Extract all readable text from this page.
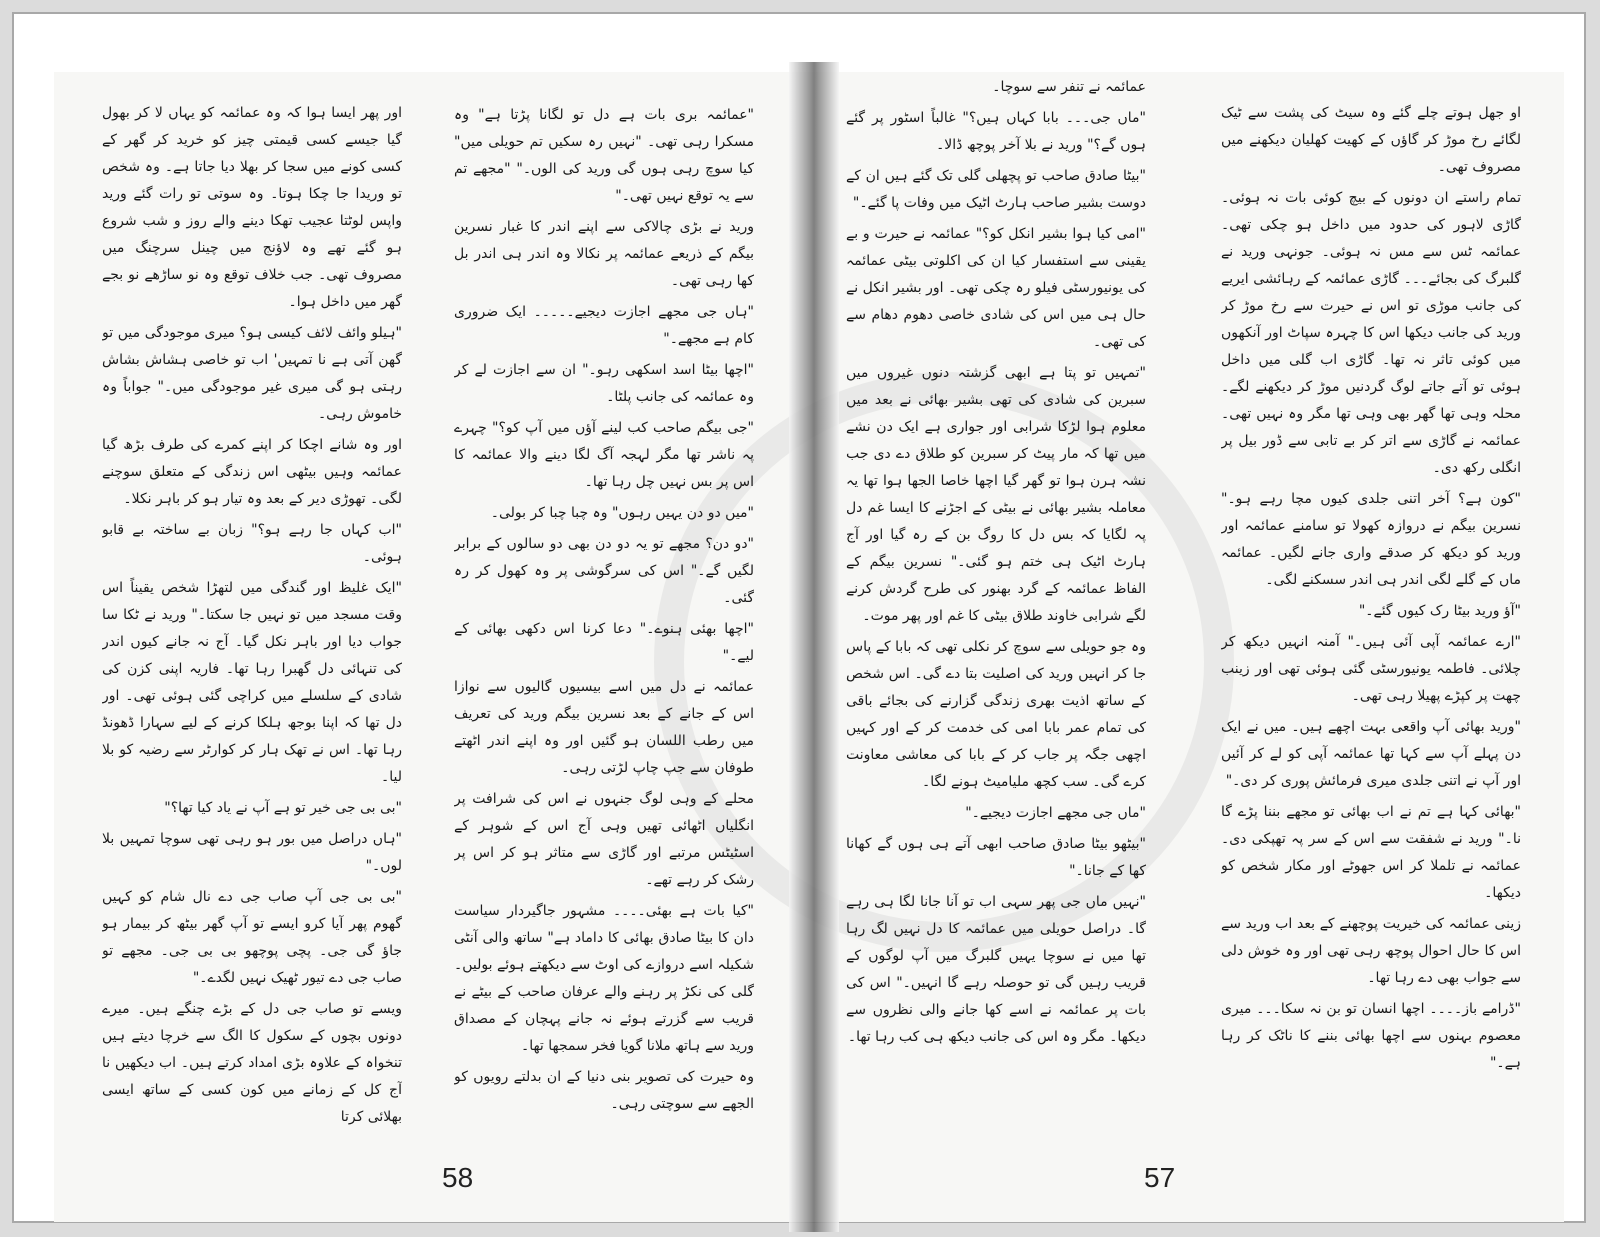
اور پھر ایسا ہوا کہ وہ عمائمہ کو یہاں لا کر بھول گیا جیسے کسی قیمتی چیز کو خرید کر گھر کے کسی کونے میں سجا کر بھلا دیا جاتا ہے۔ وہ شخص تو وریدا جا چکا ہوتا۔ وہ سوتی تو رات گئے ورید واپس لوٹتا عجیب تھکا دینے والے روز و شب شروع ہو گئے تھے وہ لاؤنج میں چینل سرچنگ میں مصروف تھی۔ جب خلاف توقع وہ نو ساڑھے نو بجے گھر میں داخل ہوا۔

"ہیلو وائف لائف کیسی ہو؟ میری موجودگی میں تو گھن آتی ہے نا تمہیں' اب تو خاصی ہشاش بشاش رہتی ہو گی میری غیر موجودگی میں۔" جواباً وہ خاموش رہی۔

اور وہ شانے اچکا کر اپنے کمرے کی طرف بڑھ گیا عمائمہ وہیں بیٹھی اس زندگی کے متعلق سوچنے لگی۔ تھوڑی دیر کے بعد وہ تیار ہو کر باہر نکلا۔

"اب کہاں جا رہے ہو؟" زبان بے ساختہ بے قابو ہوئی۔

"ایک غلیظ اور گندگی میں لتھڑا شخص یقیناً اس وقت مسجد میں تو نہیں جا سکتا۔" ورید نے ٹکا سا جواب دیا اور باہر نکل گیا۔ آج نہ جانے کیوں اندر کی تنہائی دل گھبرا رہا تھا۔ فاریہ اپنی کزن کی شادی کے سلسلے میں کراچی گئی ہوئی تھی۔ اور دل تھا کہ اپنا بوجھ ہلکا کرنے کے لیے سہارا ڈھونڈ رہا تھا۔ اس نے تھک ہار کر کوارٹر سے رضیہ کو بلا لیا۔

"بی بی جی خیر تو ہے آپ نے یاد کیا تھا؟"

"ہاں دراصل میں بور ہو رہی تھی سوچا تمہیں بلا لوں۔"

"بی بی جی آپ صاب جی دے نال شام کو کہیں گھوم پھر آیا کرو ایسے تو آپ گھر بیٹھ کر بیمار ہو جاؤ گی جی۔ پچی پوچھو بی بی جی۔ مجھے تو صاب جی دے تیور ٹھیک نہیں لگدے۔"

ویسے تو صاب جی دل کے بڑے چنگے ہیں۔ میرے دونوں بچوں کے سکول کا الگ سے خرچا دیتے ہیں تنخواہ کے علاوہ بڑی امداد کرتے ہیں۔ اب دیکھیں نا آج کل کے زمانے میں کون کسی کے ساتھ ایسی بھلائی کرتا

"عمائمہ بری بات ہے دل تو لگانا پڑتا ہے" وہ مسکرا رہی تھی۔ "نہیں رہ سکیں تم حویلی میں" کیا سوچ رہی ہوں گی ورید کی الوں۔" "مجھے تم سے یہ توقع نہیں تھی۔"

ورید نے بڑی چالاکی سے اپنے اندر کا غبار نسرین بیگم کے ذریعے عمائمہ پر نکالا وہ اندر ہی اندر بل کھا رہی تھی۔

"ہاں جی مجھے اجازت دیجیے۔۔۔۔۔ ایک ضروری کام ہے مجھے۔"

"اچھا بیٹا اسد اسکھی رہو۔" ان سے اجازت لے کر وہ عمائمہ کی جانب پلٹا۔

"جی بیگم صاحب کب لینے آؤں میں آپ کو؟" چہرے پہ ناشر تھا مگر لہجہ آگ لگا دینے والا عمائمہ کا اس پر بس نہیں چل رہا تھا۔

"میں دو دن یہیں رہوں" وہ چبا چبا کر بولی۔

"دو دن؟ مجھے تو یہ دو دن بھی دو سالوں کے برابر لگیں گے۔" اس کی سرگوشی پر وہ کھول کر رہ گئی۔

"اچھا بھئی ہنوے۔" دعا کرنا اس دکھی بھائی کے لیے۔"

عمائمہ نے دل میں اسے بیسیوں گالیوں سے نوازا اس کے جانے کے بعد نسرین بیگم ورید کی تعریف میں رطب اللسان ہو گئیں اور وہ اپنے اندر اٹھتے طوفان سے جپ چاپ لڑتی رہی۔

محلے کے وہی لوگ جنہوں نے اس کی شرافت پر انگلیاں اٹھائی تھیں وہی آج اس کے شوہر کے اسٹیٹس مرتبے اور گاڑی سے متاثر ہو کر اس پر رشک کر رہے تھے۔

"کیا بات ہے بھئی۔۔۔۔ مشہور جاگیردار سیاست دان کا بیٹا صادق بھائی کا داماد ہے" ساتھ والی آنٹی شکیلہ اسے دروازے کی اوٹ سے دیکھتے ہوئے بولیں۔ گلی کی نکڑ پر رہنے والے عرفان صاحب کے بیٹے نے قریب سے گزرتے ہوئے نہ جانے پہچان کے مصداق ورید سے ہاتھ ملانا گویا فخر سمجھا تھا۔

وہ حیرت کی تصویر بنی دنیا کے ان بدلتے رویوں کو الجھے سے سوچتی رہی۔

58

عمائمہ نے تنفر سے سوچا۔

"ماں جی۔۔۔ بابا کہاں ہیں؟" غالباً اسٹور پر گئے ہوں گے؟" ورید نے بلا آخر پوچھ ڈالا۔

"بیٹا صادق صاحب تو پچھلی گلی تک گئے ہیں ان کے دوست بشیر صاحب ہارٹ اٹیک میں وفات پا گئے۔"

"امی کیا ہوا بشیر انکل کو؟" عمائمہ نے حیرت و بے یقینی سے استفسار کیا ان کی اکلوتی بیٹی عمائمہ کی یونیورسٹی فیلو رہ چکی تھی۔ اور بشیر انکل نے حال ہی میں اس کی شادی خاصی دھوم دھام سے کی تھی۔

"تمہیں تو پتا ہے ابھی گزشتہ دنوں غیروں میں سبرین کی شادی کی تھی بشیر بھائی نے بعد میں معلوم ہوا لڑکا شرابی اور جواری ہے ایک دن نشے میں تھا کہ مار پیٹ کر سبرین کو طلاق دے دی جب نشہ ہرن ہوا تو گھر گیا اچھا خاصا الجھا ہوا تھا یہ معاملہ بشیر بھائی نے بیٹی کے اجڑنے کا ایسا غم دل پہ لگایا کہ بس دل کا روگ بن کے رہ گیا اور آج ہارٹ اٹیک ہی ختم ہو گئی۔" نسرین بیگم کے الفاظ عمائمہ کے گرد بھنور کی طرح گردش کرنے لگے شرابی خاوند طلاق بیٹی کا غم اور پھر موت۔

وہ جو حویلی سے سوچ کر نکلی تھی کہ بابا کے پاس جا کر انہیں ورید کی اصلیت بتا دے گی۔ اس شخص کے ساتھ اذیت بھری زندگی گزارنے کی بجائے باقی کی تمام عمر بابا امی کی خدمت کر کے اور کہیں اچھی جگہ پر جاب کر کے بابا کی معاشی معاونت کرے گی۔ سب کچھ ملیامیٹ ہونے لگا۔

"ماں جی مجھے اجازت دیجیے۔"

"بیٹھو بیٹا صادق صاحب ابھی آتے ہی ہوں گے کھانا کھا کے جانا۔"

"نہیں ماں جی پھر سہی اب تو آنا جانا لگا ہی رہے گا۔ دراصل حویلی میں عمائمہ کا دل نہیں لگ رہا تھا میں نے سوچا یہیں گلبرگ میں آپ لوگوں کے قریب رہیں گی تو حوصلہ رہے گا انہیں۔" اس کی بات پر عمائمہ نے اسے کھا جانے والی نظروں سے دیکھا۔ مگر وہ اس کی جانب دیکھ ہی کب رہا تھا۔

او جھل ہوتے چلے گئے وہ سیٹ کی پشت سے ٹیک لگائے رخ موڑ کر گاؤں کے کھیت کھلیان دیکھنے میں مصروف تھی۔

تمام راستے ان دونوں کے بیچ کوئی بات نہ ہوئی۔ گاڑی لاہور کی حدود میں داخل ہو چکی تھی۔ عمائمہ ٹس سے مس نہ ہوئی۔ جونہی ورید نے گلبرگ کی بجائے۔۔۔ گاڑی عمائمہ کے رہائشی ایریے کی جانب موڑی تو اس نے حیرت سے رخ موڑ کر ورید کی جانب دیکھا اس کا چہرہ سپاٹ اور آنکھوں میں کوئی تاثر نہ تھا۔ گاڑی اب گلی میں داخل ہوئی تو آتے جاتے لوگ گردنیں موڑ کر دیکھنے لگے۔ محلہ وہی تھا گھر بھی وہی تھا مگر وہ نہیں تھی۔ عمائمہ نے گاڑی سے اتر کر بے تابی سے ڈور بیل پر انگلی رکھ دی۔

"کون ہے؟ آخر اتنی جلدی کیوں مچا رہے ہو۔" نسرین بیگم نے دروازہ کھولا تو سامنے عمائمہ اور ورید کو دیکھ کر صدقے واری جانے لگیں۔ عمائمہ ماں کے گلے لگی اندر ہی اندر سسکنے لگی۔

"آؤ ورید بیٹا رک کیوں گئے۔"

"ارے عمائمہ آپی آئی ہیں۔" آمنہ انہیں دیکھ کر چلائی۔ فاطمہ یونیورسٹی گئی ہوئی تھی اور زینب چھت پر کپڑے پھیلا رہی تھی۔

"ورید بھائی آپ واقعی بہت اچھے ہیں۔ میں نے ایک دن پہلے آپ سے کہا تھا عمائمہ آپی کو لے کر آئیں اور آپ نے اتنی جلدی میری فرمائش پوری کر دی۔"

"بھائی کہا ہے تم نے اب بھائی تو مجھے بننا پڑے گا نا۔" ورید نے شفقت سے اس کے سر پہ تھپکی دی۔ عمائمہ نے تلملا کر اس جھوٹے اور مکار شخص کو دیکھا۔

زینی عمائمہ کی خیریت پوچھنے کے بعد اب ورید سے اس کا حال احوال پوچھ رہی تھی اور وہ خوش دلی سے جواب بھی دے رہا تھا۔

"ڈرامے باز۔۔۔۔ اچھا انسان تو بن نہ سکا۔۔۔ میری معصوم بہنوں سے اچھا بھائی بننے کا ناٹک کر رہا ہے۔"

57
